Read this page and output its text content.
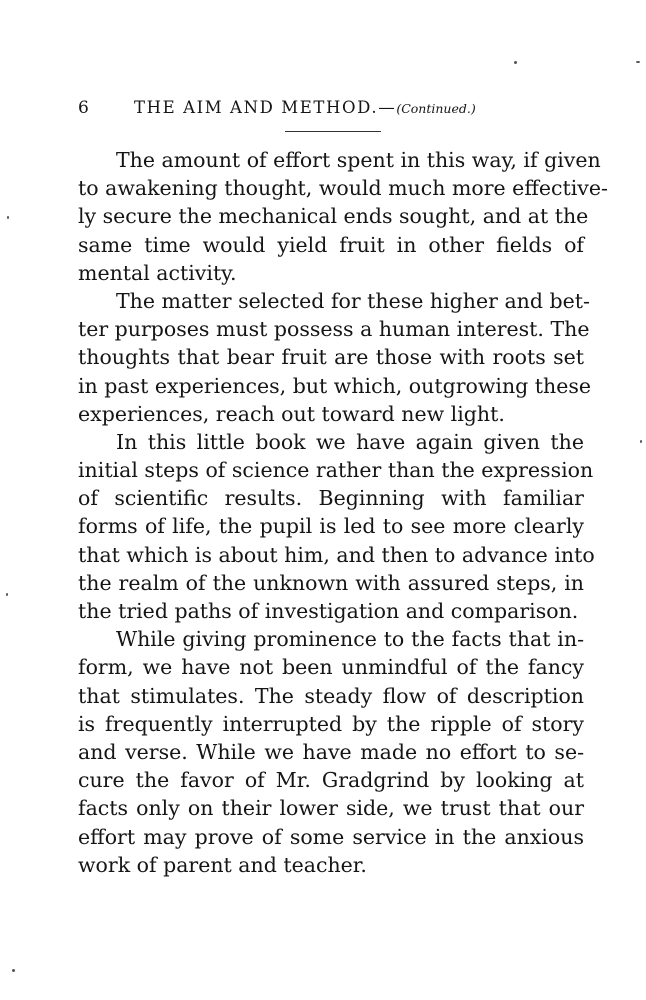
6	THE AIM AND METHOD.—(Continued.)
The amount of effort spent in this way, if given
to awakening thought, would much more effective-
ly secure the mechanical ends sought, and at the
same time would yield fruit in other fields of
mental activity.
The matter selected for these higher and bet-
ter purposes must possess a human interest. The
thoughts that bear fruit are those with roots set
in past experiences, but which, outgrowing these
experiences, reach out toward new light.
In this little book we have again given the
initial steps of science rather than the expression
of scientific results. Beginning with familiar
forms of life, the pupil is led to see more clearly
that which is about him, and then to advance into
the realm of the unknown with assured steps, in
the tried paths of investigation and comparison.
While giving prominence to the facts that in-
form, we have not been unmindful of the fancy
that stimulates. The steady flow of description
is frequently interrupted by the ripple of story
and verse. While we have made no effort to se-
cure the favor of Mr. Gradgrind by looking at
facts only on their lower side, we trust that our
effort may prove of some service in the anxious
work of parent and teacher.
